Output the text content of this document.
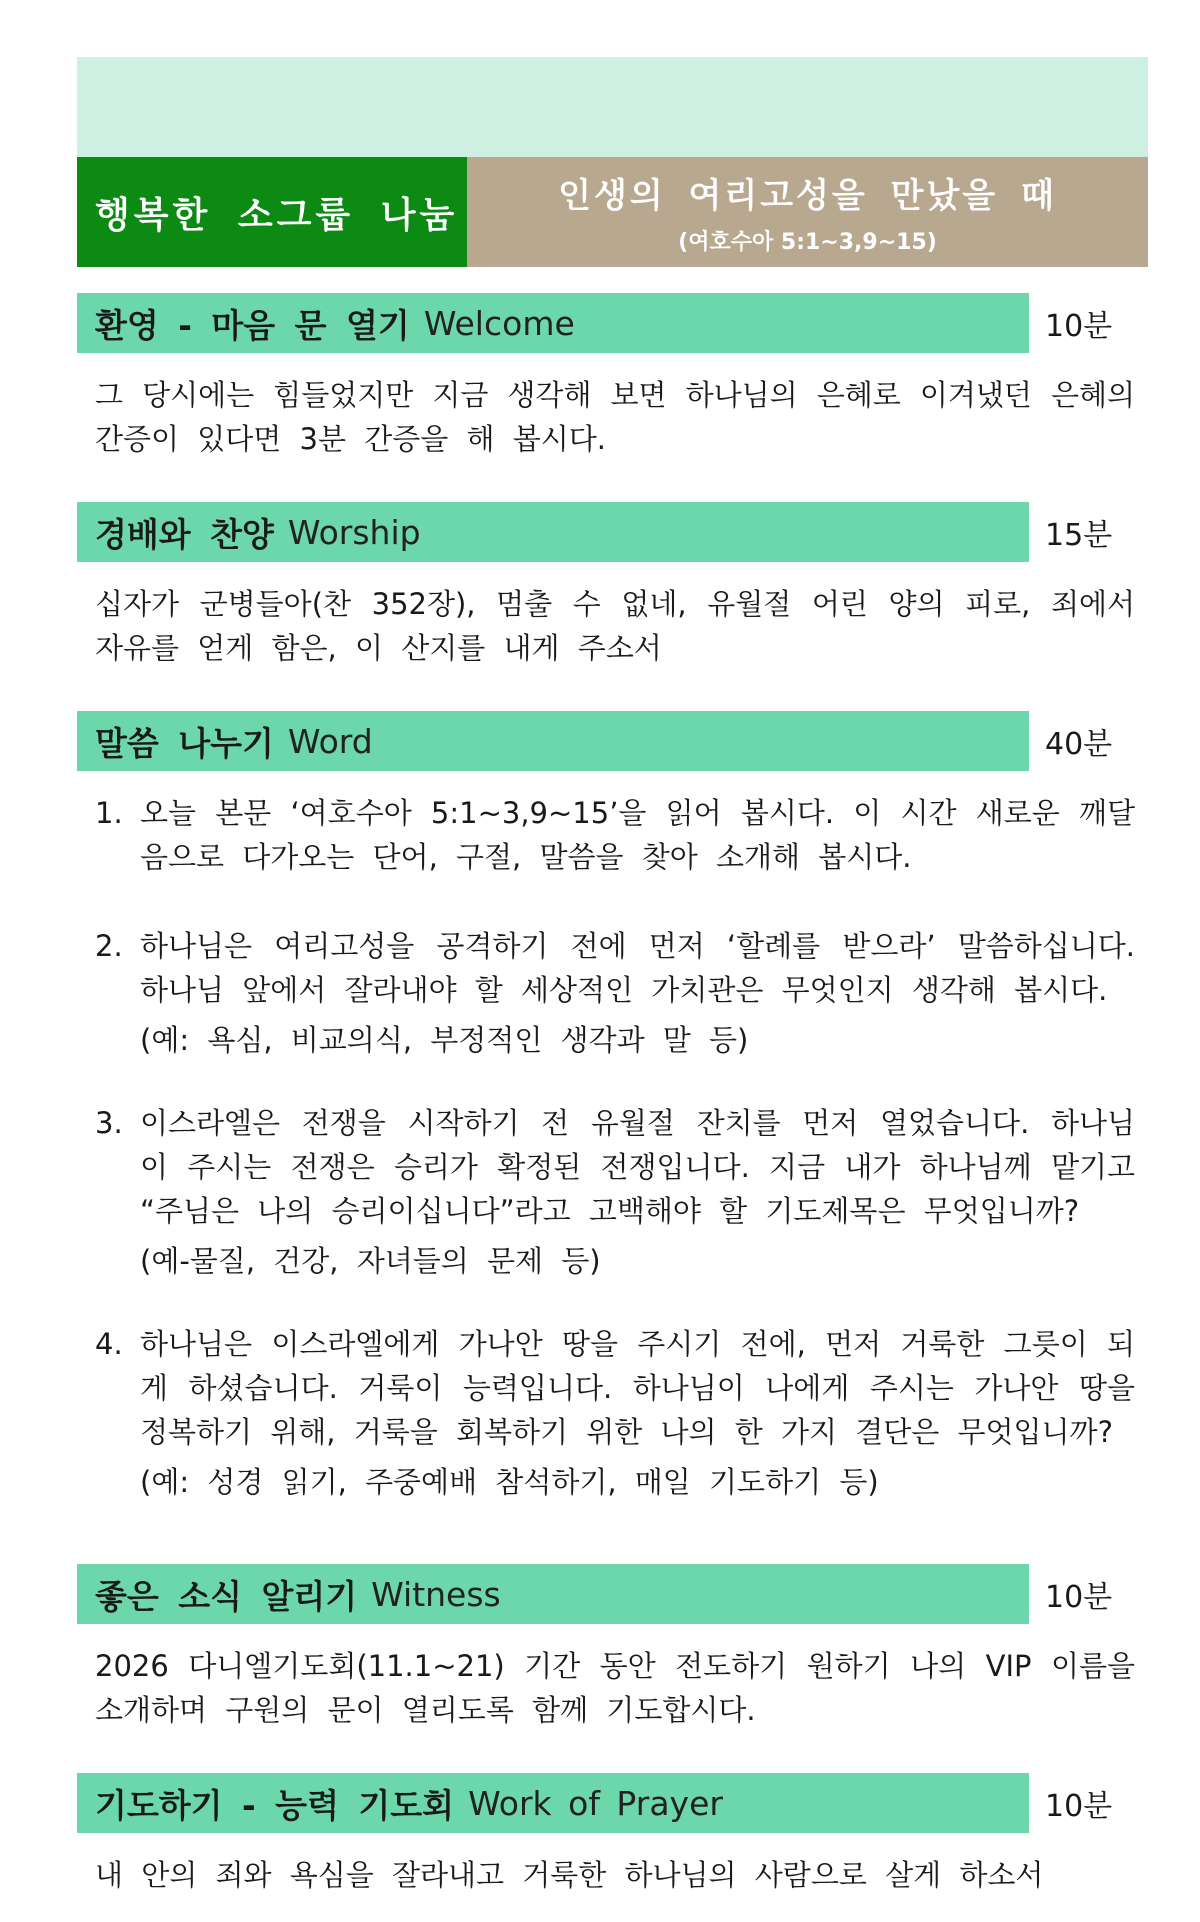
행복한 소그룹 나눔	인생의 여리고성을 만났을 때
(여호수아 5:1~3,9~15)
환영 - 마음 문 열기 Welcome	10분
그 당시에는 힘들었지만 지금 생각해 보면 하나님의 은혜로 이겨냈던 은혜의 간증이 있다면 3분 간증을 해 봅시다.
경배와 찬양 Worship	15분
십자가 군병들아(찬 352장), 멈출 수 없네, 유월절 어린 양의 피로, 죄에서 자유를 얻게 함은, 이 산지를 내게 주소서
말씀 나누기 Word	40분
1. 오늘 본문 ‘여호수아 5:1~3,9~15’을 읽어 봅시다. 이 시간 새로운 깨달음으로 다가오는 단어, 구절, 말씀을 찾아 소개해 봅시다.
2. 하나님은 여리고성을 공격하기 전에 먼저 ‘할례를 받으라’ 말씀하십니다. 하나님 앞에서 잘라내야 할 세상적인 가치관은 무엇인지 생각해 봅시다.
(예: 욕심, 비교의식, 부정적인 생각과 말 등)
3. 이스라엘은 전쟁을 시작하기 전 유월절 잔치를 먼저 열었습니다. 하나님이 주시는 전쟁은 승리가 확정된 전쟁입니다. 지금 내가 하나님께 맡기고 “주님은 나의 승리이십니다”라고 고백해야 할 기도제목은 무엇입니까?
(예-물질, 건강, 자녀들의 문제 등)
4. 하나님은 이스라엘에게 가나안 땅을 주시기 전에, 먼저 거룩한 그릇이 되게 하셨습니다. 거룩이 능력입니다. 하나님이 나에게 주시는 가나안 땅을 정복하기 위해, 거룩을 회복하기 위한 나의 한 가지 결단은 무엇입니까?
(예: 성경 읽기, 주중예배 참석하기, 매일 기도하기 등)
좋은 소식 알리기 Witness	10분
2026 다니엘기도회(11.1~21) 기간 동안 전도하기 원하기 나의 VIP 이름을 소개하며 구원의 문이 열리도록 함께 기도합시다.
기도하기 - 능력 기도회 Work of Prayer	10분
내 안의 죄와 욕심을 잘라내고 거룩한 하나님의 사람으로 살게 하소서
